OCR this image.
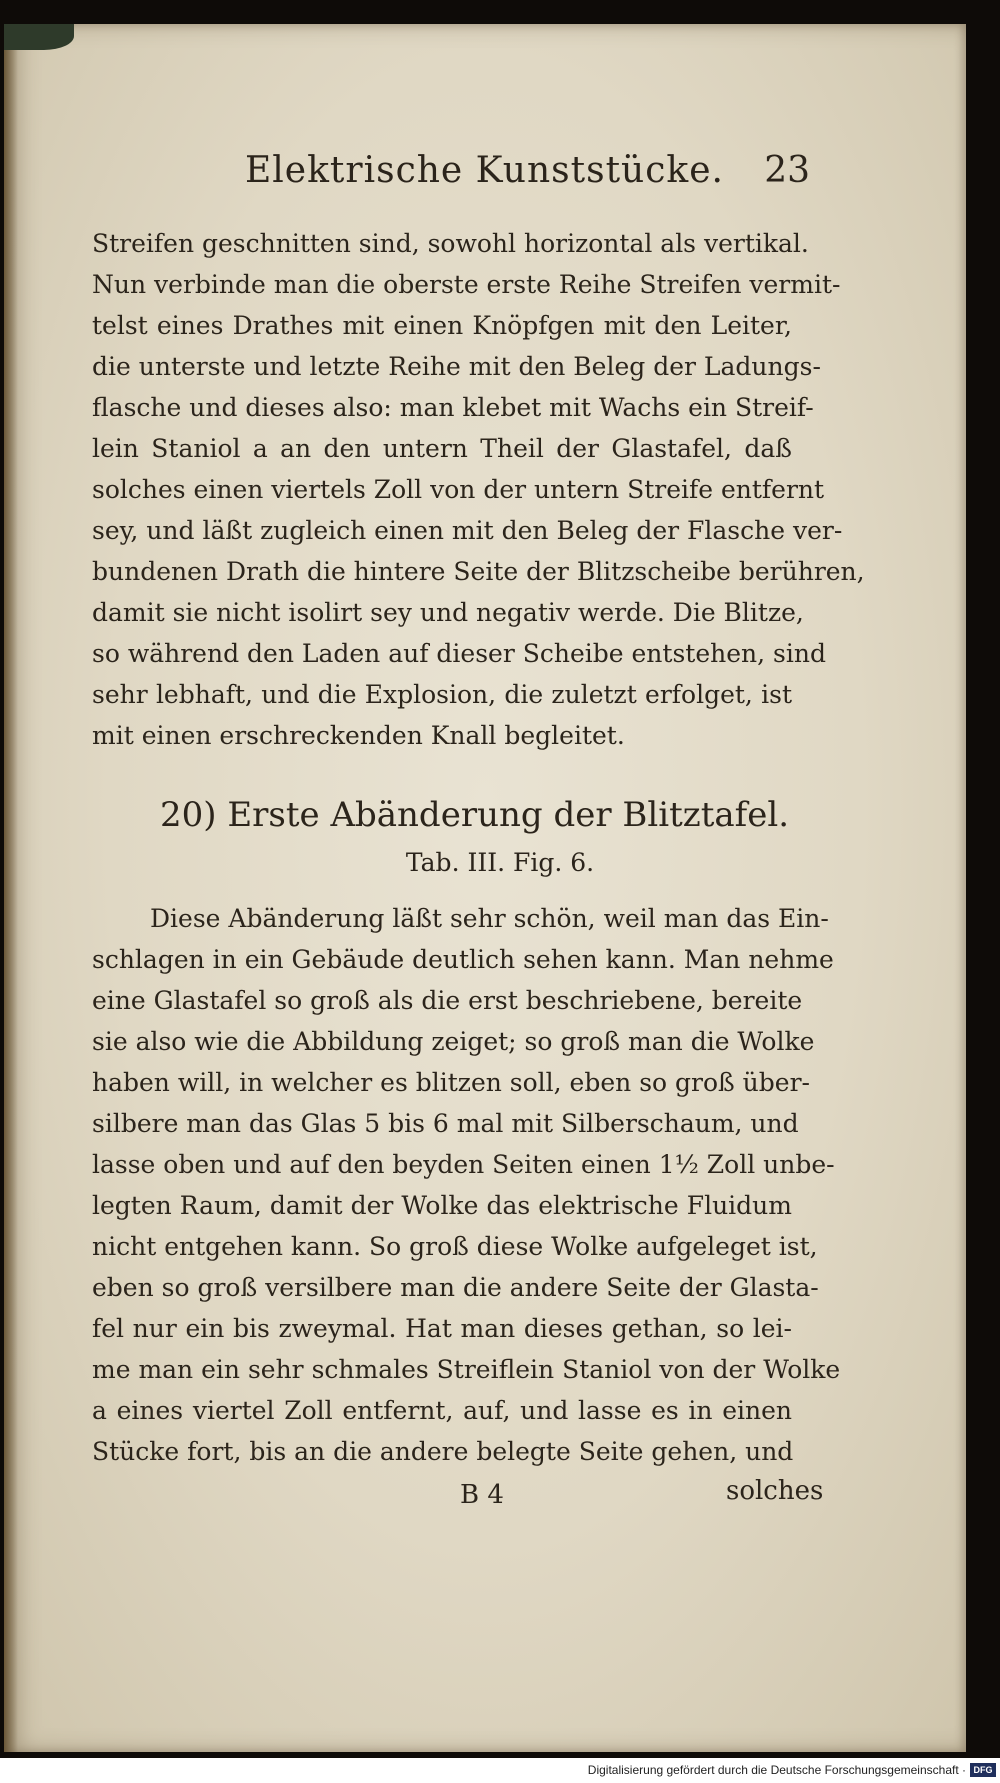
Elektrische Kunststücke. 23
Streifen geschnitten sind, sowohl horizontal als vertikal.
Nun verbinde man die oberste erste Reihe Streifen vermit-
telst eines Drathes mit einen Knöpfgen mit den Leiter,
die unterste und letzte Reihe mit den Beleg der Ladungs-
flasche und dieses also: man klebet mit Wachs ein Streif-
lein Staniol a an den untern Theil der Glastafel, daß
solches einen viertels Zoll von der untern Streife entfernt
sey, und läßt zugleich einen mit den Beleg der Flasche ver-
bundenen Drath die hintere Seite der Blitzscheibe berühren,
damit sie nicht isolirt sey und negativ werde. Die Blitze,
so während den Laden auf dieser Scheibe entstehen, sind
sehr lebhaft, und die Explosion, die zuletzt erfolget, ist
mit einen erschreckenden Knall begleitet.
20) Erste Abänderung der Blitztafel.
Tab. III. Fig. 6.
Diese Abänderung läßt sehr schön, weil man das Ein-
schlagen in ein Gebäude deutlich sehen kann. Man nehme
eine Glastafel so groß als die erst beschriebene, bereite
sie also wie die Abbildung zeiget; so groß man die Wolke
haben will, in welcher es blitzen soll, eben so groß über-
silbere man das Glas 5 bis 6 mal mit Silberschaum, und
lasse oben und auf den beyden Seiten einen 1½ Zoll unbe-
legten Raum, damit der Wolke das elektrische Fluidum
nicht entgehen kann. So groß diese Wolke aufgeleget ist,
eben so groß versilbere man die andere Seite der Glasta-
fel nur ein bis zweymal. Hat man dieses gethan, so lei-
me man ein sehr schmales Streiflein Staniol von der Wolke
a eines viertel Zoll entfernt, auf, und lasse es in einen
Stücke fort, bis an die andere belegte Seite gehen, und
B 4	solches
Digitalisierung gefördert durch die Deutsche Forschungsgemeinschaft · DFG
